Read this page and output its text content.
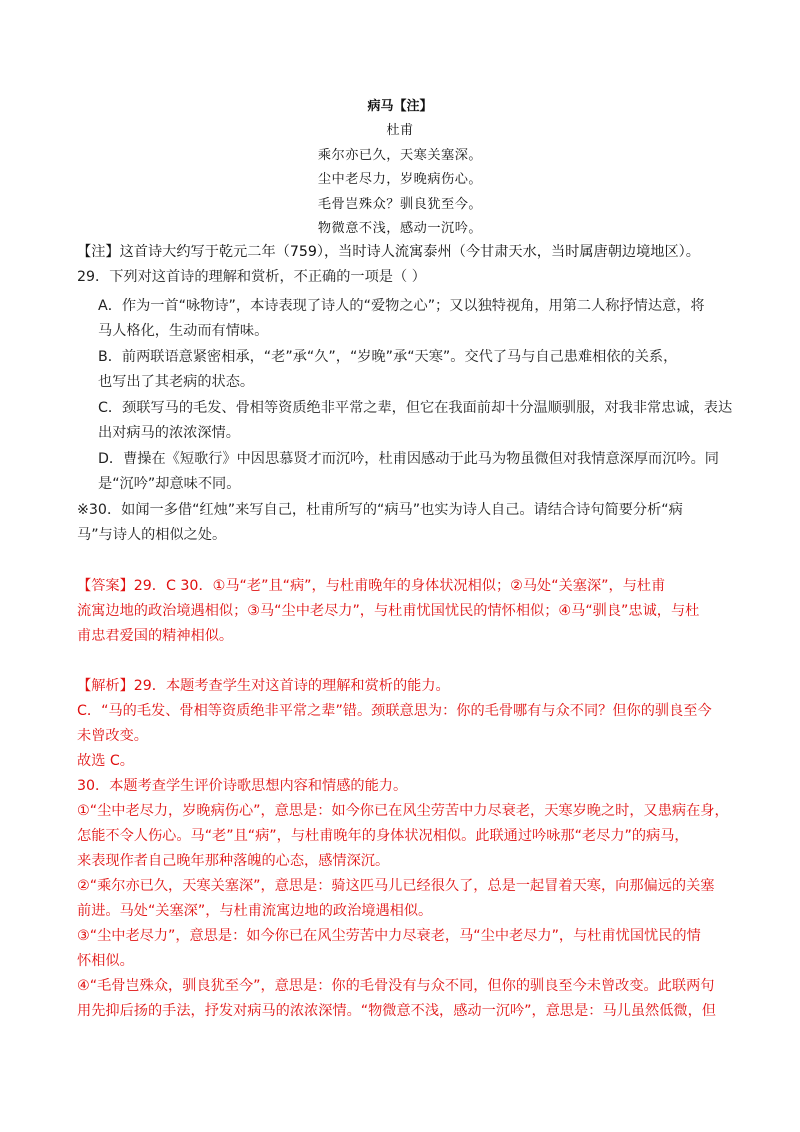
病马【注】
杜甫
乘尔亦已久，天寒关塞深。
尘中老尽力，岁晚病伤心。
毛骨岂殊众？驯良犹至今。
物微意不浅，感动一沉吟。
【注】这首诗大约写于乾元二年（759），当时诗人流寓泰州（今甘肃天水，当时属唐朝边境地区）。
29．下列对这首诗的理解和赏析，不正确的一项是（ ）
A．作为一首“咏物诗”，本诗表现了诗人的“爱物之心”；又以独特视角，用第二人称抒情达意，将
马人格化，生动而有情味。
B．前两联语意紧密相承，“老”承“久”，“岁晚”承“天寒”。交代了马与自己患难相依的关系，
也写出了其老病的状态。
C．颈联写马的毛发、骨相等资质绝非平常之辈，但它在我面前却十分温顺驯服，对我非常忠诚，表达
出对病马的浓浓深情。
D．曹操在《短歌行》中因思慕贤才而沉吟，杜甫因感动于此马为物虽微但对我情意深厚而沉吟。同
是“沉吟”却意味不同。
※30．如闻一多借“红烛”来写自己，杜甫所写的“病马”也实为诗人自己。请结合诗句简要分析“病
马”与诗人的相似之处。
【答案】29．C 30．①马“老”且“病”，与杜甫晚年的身体状况相似；②马处“关塞深”，与杜甫
流寓边地的政治境遇相似；③马“尘中老尽力”，与杜甫忧国忧民的情怀相似；④马“驯良”忠诚，与杜
甫忠君爱国的精神相似。
【解析】29．本题考查学生对这首诗的理解和赏析的能力。
C．“马的毛发、骨相等资质绝非平常之辈”错。颈联意思为：你的毛骨哪有与众不同？但你的驯良至今
未曾改变。
故选 C。
30．本题考查学生评价诗歌思想内容和情感的能力。
①“尘中老尽力，岁晚病伤心”，意思是：如今你已在风尘劳苦中力尽衰老，天寒岁晚之时，又患病在身，
怎能不令人伤心。马“老”且“病”，与杜甫晚年的身体状况相似。此联通过吟咏那“老尽力”的病马，
来表现作者自己晚年那种落魄的心态，感情深沉。
②“乘尔亦已久，天寒关塞深”，意思是：骑这匹马儿已经很久了，总是一起冒着天寒，向那偏远的关塞
前进。马处“关塞深”，与杜甫流寓边地的政治境遇相似。
③“尘中老尽力”，意思是：如今你已在风尘劳苦中力尽衰老，马“尘中老尽力”，与杜甫忧国忧民的情
怀相似。
④“毛骨岂殊众，驯良犹至今”，意思是：你的毛骨没有与众不同，但你的驯良至今未曾改变。此联两句
用先抑后扬的手法，抒发对病马的浓浓深情。“物微意不浅，感动一沉吟”，意思是：马儿虽然低微，但
